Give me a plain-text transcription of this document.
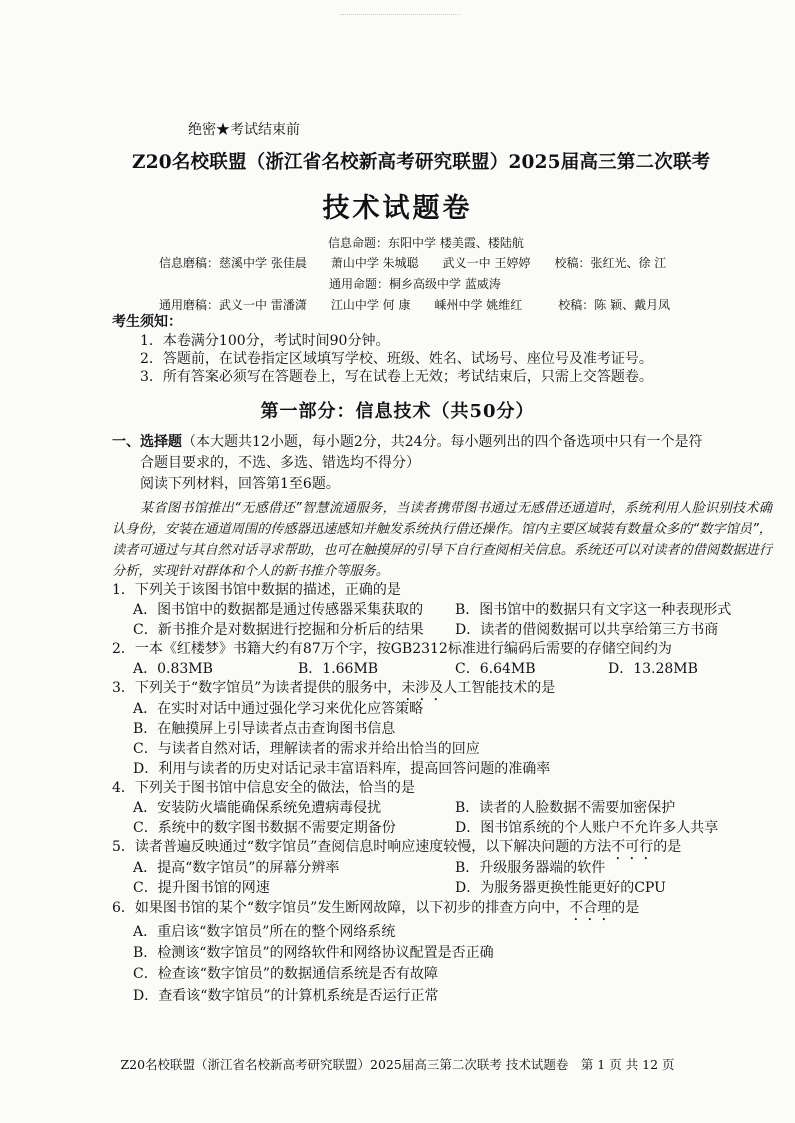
绝密★考试结束前
Z20名校联盟（浙江省名校新高考研究联盟）2025届高三第二次联考
技术试题卷
信息命题：东阳中学 楼美霞、楼陆航
信息磨稿：慈溪中学 张佳晨　　萧山中学 朱城聪　　武义一中 王婷婷　　校稿：张红光、徐 江
通用命题：桐乡高级中学 蓝威涛
通用磨稿：武义一中 雷潘潇　　江山中学 何 康　　嵊州中学 姚维红　　　校稿：陈 颖、戴月凤
考生须知：
1．本卷满分100分，考试时间90分钟。
2．答题前，在试卷指定区域填写学校、班级、姓名、试场号、座位号及准考证号。
3．所有答案必须写在答题卷上，写在试卷上无效；考试结束后，只需上交答题卷。
第一部分：信息技术（共50分）
一、选择题（本大题共12小题，每小题2分，共24分。每小题列出的四个备选项中只有一个是符
合题目要求的，不选、多选、错选均不得分）
阅读下列材料，回答第1至6题。
某省图书馆推出“无感借还”智慧流通服务，当读者携带图书通过无感借还通道时，系统利用人脸识别技术确认身份，安装在通道周围的传感器迅速感知并触发系统执行借还操作。馆内主要区域装有数量众多的“数字馆员”，读者可通过与其自然对话寻求帮助，也可在触摸屏的引导下自行查阅相关信息。系统还可以对读者的借阅数据进行分析，实现针对群体和个人的新书推介等服务。
1．下列关于该图书馆中数据的描述，正确的是
A．图书馆中的数据都是通过传感器采集获取的 B．图书馆中的数据只有文字这一种表现形式
C．新书推介是对数据进行挖掘和分析后的结果 D．读者的借阅数据可以共享给第三方书商
2．一本《红楼梦》书籍大约有87万个字，按GB2312标准进行编码后需要的存储空间约为
A．0.83MB	B．1.66MB	C．6.64MB	D．13.28MB
3．下列关于“数字馆员”为读者提供的服务中，未涉及人工智能技术的是
A．在实时对话中通过强化学习来优化应答策略
B．在触摸屏上引导读者点击查询图书信息
C．与读者自然对话，理解读者的需求并给出恰当的回应
D．利用与读者的历史对话记录丰富语料库，提高回答问题的准确率
4．下列关于图书馆中信息安全的做法，恰当的是
A．安装防火墙能确保系统免遭病毒侵扰	B．读者的人脸数据不需要加密保护
C．系统中的数字图书数据不需要定期备份	D．图书馆系统的个人账户不允许多人共享
5．读者普遍反映通过“数字馆员”查阅信息时响应速度较慢，以下解决问题的方法不可行的是
A．提高“数字馆员”的屏幕分辨率	B．升级服务器端的软件
C．提升图书馆的网速	D．为服务器更换性能更好的CPU
6．如果图书馆的某个“数字馆员”发生断网故障，以下初步的排查方向中，不合理的是
A．重启该“数字馆员”所在的整个网络系统
B．检测该“数字馆员”的网络软件和网络协议配置是否正确
C．检查该“数字馆员”的数据通信系统是否有故障
D．查看该“数字馆员”的计算机系统是否运行正常
Z20名校联盟（浙江省名校新高考研究联盟）2025届高三第二次联考 技术试题卷　第 1 页 共 12 页
